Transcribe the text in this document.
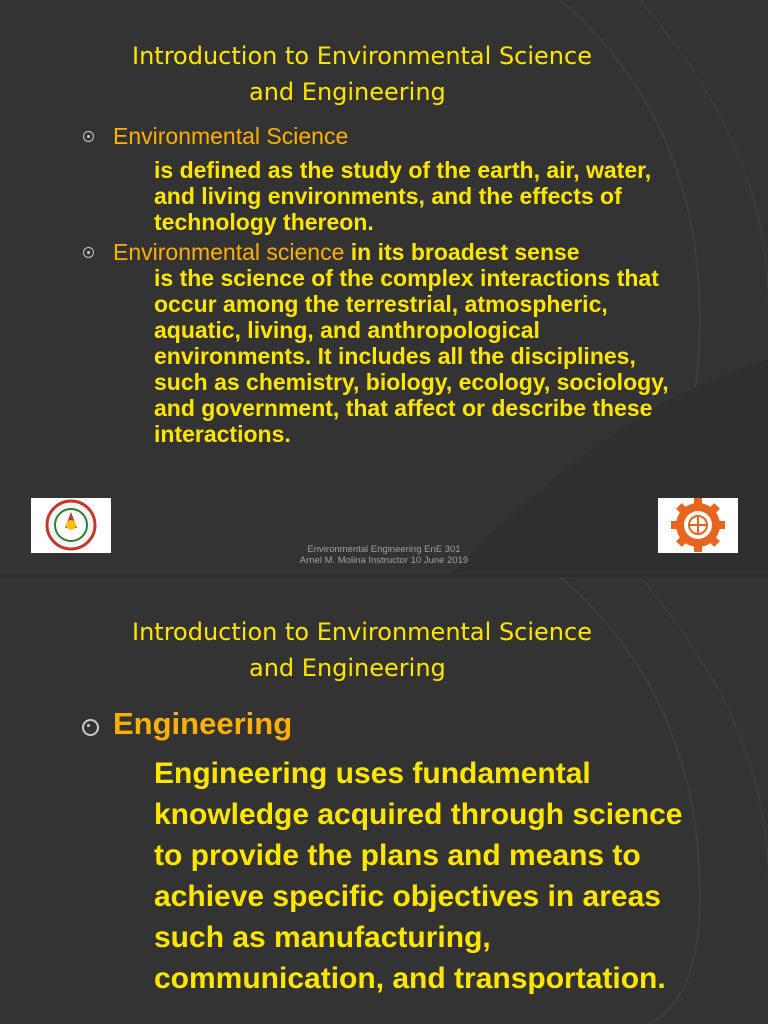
Introduction to Environmental Science
and Engineering
Environmental Science
is defined as the study of the earth, air, water, and living environments, and the effects of technology thereon.
Environmental science in its broadest sense
is the science of the complex interactions that occur among the terrestrial, atmospheric, aquatic, living, and anthropological environments. It includes all the disciplines, such as chemistry, biology, ecology, sociology, and government, that affect or describe these interactions.
Environmental Engineering EnE 301
Arnel M. Molina Instructor 10 June 2019
Introduction to Environmental Science
and Engineering
Engineering
Engineering uses fundamental knowledge acquired through science to provide the plans and means to achieve specific objectives in areas such as manufacturing, communication, and transportation.
